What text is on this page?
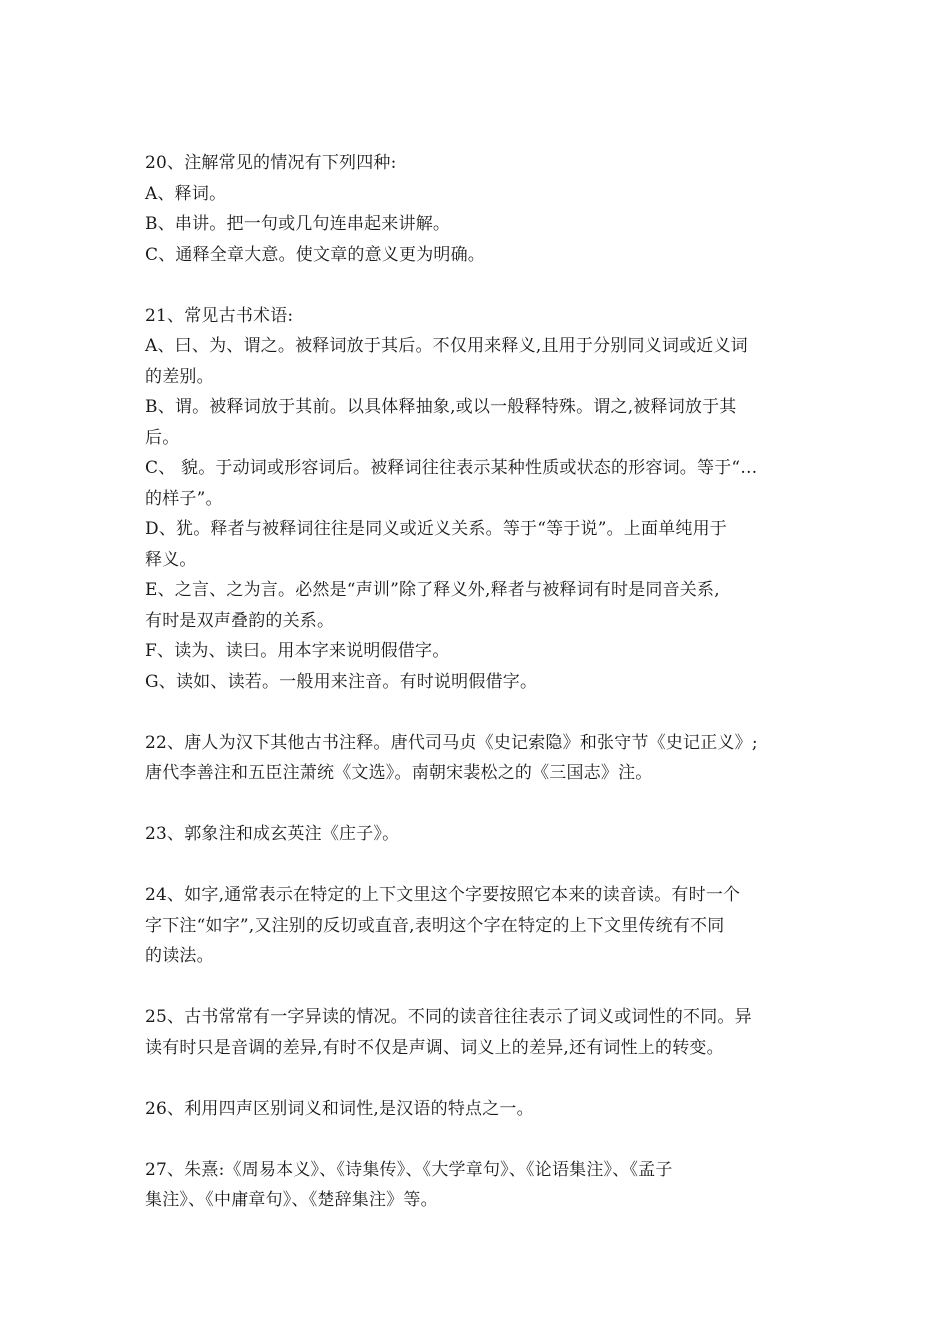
20、注解常见的情况有下列四种:
A、释词。
B、串讲。把一句或几句连串起来讲解。
C、通释全章大意。使文章的意义更为明确。
21、常见古书术语:
A、曰、为、谓之。被释词放于其后。不仅用来释义,且用于分别同义词或近义词
的差别。
B、谓。被释词放于其前。以具体释抽象,或以一般释特殊。谓之,被释词放于其
后。
C、 貌。于动词或形容词后。被释词往往表示某种性质或状态的形容词。等于“…
的样子”。
D、犹。释者与被释词往往是同义或近义关系。等于“等于说”。上面单纯用于
释义。
E、之言、之为言。必然是“声训”除了释义外,释者与被释词有时是同音关系,
有时是双声叠韵的关系。
F、读为、读曰。用本字来说明假借字。
G、读如、读若。一般用来注音。有时说明假借字。
22、唐人为汉下其他古书注释。唐代司马贞《史记索隐》和张守节《史记正义》;
唐代李善注和五臣注萧统《文选》。南朝宋裴松之的《三国志》注。
23、郭象注和成玄英注《庄子》。
24、如字,通常表示在特定的上下文里这个字要按照它本来的读音读。有时一个
字下注“如字”,又注别的反切或直音,表明这个字在特定的上下文里传统有不同
的读法。
25、古书常常有一字异读的情况。不同的读音往往表示了词义或词性的不同。异
读有时只是音调的差异,有时不仅是声调、词义上的差异,还有词性上的转变。
26、利用四声区别词义和词性,是汉语的特点之一。
27、朱熹:《周易本义》、《诗集传》、《大学章句》、《论语集注》、《孟子
集注》、《中庸章句》、《楚辞集注》等。
